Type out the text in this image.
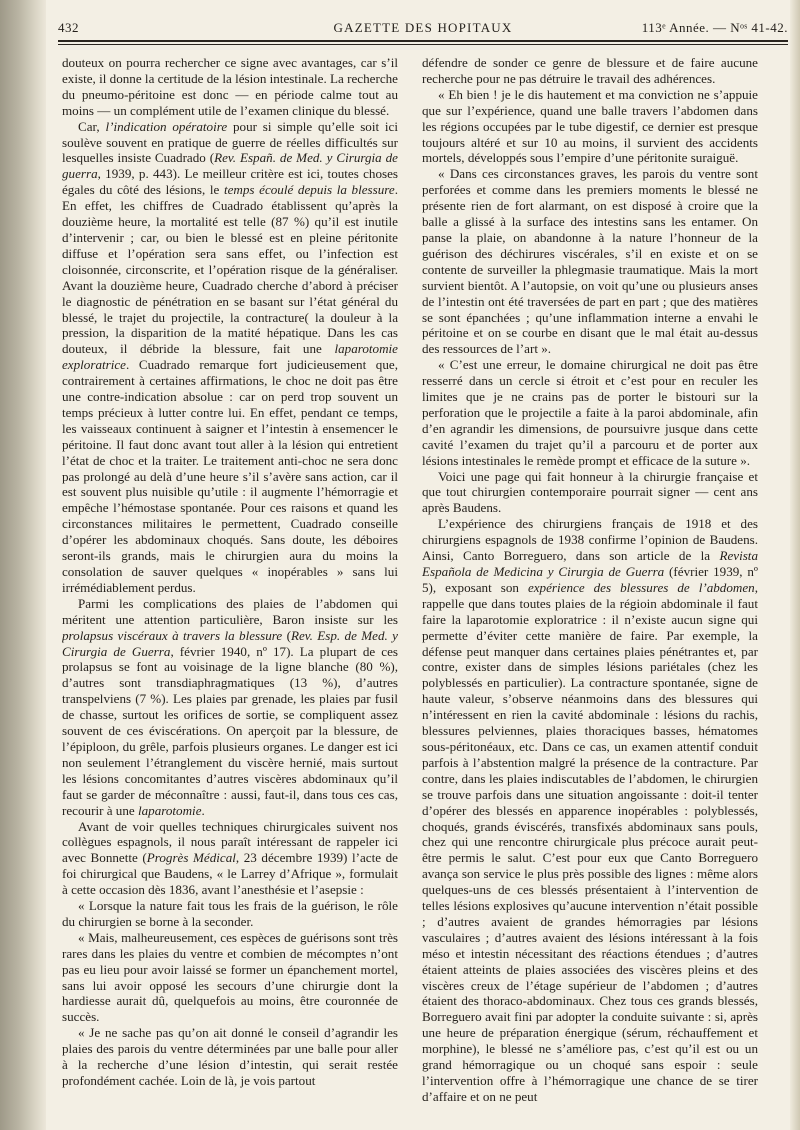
432	GAZETTE DES HOPITAUX	113ᵉ Année. — Nᵒˢ 41-42.

douteux on pourra rechercher ce signe avec avantages, car s’il existe, il donne la certitude de la lésion intestinale. La recherche du pneumo-péritoine est donc — en période calme tout au moins — un complément utile de l’examen clinique du blessé.

Car, l’indication opératoire pour si simple qu’elle soit ici soulève souvent en pratique de guerre de réelles difficultés sur lesquelles insiste Cuadrado (Rev. Españ. de Med. y Cirurgia de guerra, 1939, p. 443). Le meilleur critère est ici, toutes choses égales du côté des lésions, le temps écoulé depuis la blessure. En effet, les chiffres de Cuadrado établissent qu’après la douzième heure, la mortalité est telle (87 %) qu’il est inutile d’intervenir ; car, ou bien le blessé est en pleine péritonite diffuse et l’opération sera sans effet, ou l’infection est cloisonnée, circonscrite, et l’opération risque de la généraliser. Avant la douzième heure, Cuadrado cherche d’abord à préciser le diagnostic de pénétration en se basant sur l’état général du blessé, le trajet du projectile, la contracture( la douleur à la pression, la disparition de la matité hépatique. Dans les cas douteux, il débride la blessure, fait une laparotomie exploratrice. Cuadrado remarque fort judicieusement que, contrairement à certaines affirmations, le choc ne doit pas être une contre-indication absolue : car on perd trop souvent un temps précieux à lutter contre lui. En effet, pendant ce temps, les vaisseaux continuent à saigner et l’intestin à ensemencer le péritoine. Il faut donc avant tout aller à la lésion qui entretient l’état de choc et la traiter. Le traitement anti-choc ne sera donc pas prolongé au delà d’une heure s’il s’avère sans action, car il est souvent plus nuisible qu’utile : il augmente l’hémorragie et empêche l’hémostase spontanée. Pour ces raisons et quand les circonstances militaires le permettent, Cuadrado conseille d’opérer les abdominaux choqués. Sans doute, les déboires seront-ils grands, mais le chirurgien aura du moins la consolation de sauver quelques « inopérables » sans lui irrémédiablement perdus.

Parmi les complications des plaies de l’abdomen qui méritent une attention particulière, Baron insiste sur les prolapsus viscéraux à travers la blessure (Rev. Esp. de Med. y Cirurgia de Guerra, février 1940, nº 17). La plupart de ces prolapsus se font au voisinage de la ligne blanche (80 %), d’autres sont transdiaphragmatiques (13 %), d’autres transpelviens (7 %). Les plaies par grenade, les plaies par fusil de chasse, surtout les orifices de sortie, se compliquent assez souvent de ces éviscérations. On aperçoit par la blessure, de l’épiploon, du grêle, parfois plusieurs organes. Le danger est ici non seulement l’étranglement du viscère hernié, mais surtout les lésions concomitantes d’autres viscères abdominaux qu’il faut se garder de méconnaître : aussi, faut-il, dans tous ces cas, recourir à une laparotomie.

Avant de voir quelles techniques chirurgicales suivent nos collègues espagnols, il nous paraît intéressant de rappeler ici avec Bonnette (Progrès Médical, 23 décembre 1939) l’acte de foi chirurgical que Baudens, « le Larrey d’Afrique », formulait à cette occasion dès 1836, avant l’anesthésie et l’asepsie :

« Lorsque la nature fait tous les frais de la guérison, le rôle du chirurgien se borne à la seconder.

« Mais, malheureusement, ces espèces de guérisons sont très rares dans les plaies du ventre et combien de mécomptes n’ont pas eu lieu pour avoir laissé se former un épanchement mortel, sans lui avoir opposé les secours d’une chirurgie dont la hardiesse aurait dû, quelquefois au moins, être couronnée de succès.

« Je ne sache pas qu’on ait donné le conseil d’agrandir les plaies des parois du ventre déterminées par une balle pour aller à la recherche d’une lésion d’intestin, qui serait restée profondément cachée. Loin de là, je vois partout

défendre de sonder ce genre de blessure et de faire aucune recherche pour ne pas détruire le travail des adhérences.

« Eh bien ! je le dis hautement et ma conviction ne s’appuie que sur l’expérience, quand une balle travers l’abdomen dans les régions occupées par le tube digestif, ce dernier est presque toujours altéré et sur 10 au moins, il survient des accidents mortels, développés sous l’empire d’une péritonite suraiguë.

« Dans ces circonstances graves, les parois du ventre sont perforées et comme dans les premiers moments le blessé ne présente rien de fort alarmant, on est disposé à croire que la balle a glissé à la surface des intestins sans les entamer. On panse la plaie, on abandonne à la nature l’honneur de la guérison des déchirures viscérales, s’il en existe et on se contente de surveiller la phlegmasie traumatique. Mais la mort survient bientôt. A l’autopsie, on voit qu’une ou plusieurs anses de l’intestin ont été traversées de part en part ; que des matières se sont épanchées ; qu’une inflammation interne a envahi le péritoine et on se courbe en disant que le mal était au-dessus des ressources de l’art ».

« C’est une erreur, le domaine chirurgical ne doit pas être resserré dans un cercle si étroit et c’est pour en reculer les limites que je ne crains pas de porter le bistouri sur la perforation que le projectile a faite à la paroi abdominale, afin d’en agrandir les dimensions, de poursuivre jusque dans cette cavité l’examen du trajet qu’il a parcouru et de porter aux lésions intestinales le remède prompt et efficace de la suture ».

Voici une page qui fait honneur à la chirurgie française et que tout chirurgien contemporaire pourrait signer — cent ans après Baudens.

L’expérience des chirurgiens français de 1918 et des chirurgiens espagnols de 1938 confirme l’opinion de Baudens. Ainsi, Canto Borreguero, dans son article de la Revista Española de Medicina y Cirurgia de Guerra (février 1939, nº 5), exposant son expérience des blessures de l’abdomen, rappelle que dans toutes plaies de la régioin abdominale il faut faire la laparotomie exploratrice : il n’existe aucun signe qui permette d’éviter cette manière de faire. Par exemple, la défense peut manquer dans certaines plaies pénétrantes et, par contre, exister dans de simples lésions pariétales (chez les polyblessés en particulier). La contracture spontanée, signe de haute valeur, s’observe néanmoins dans des blessures qui n’intéressent en rien la cavité abdominale : lésions du rachis, blessures pelviennes, plaies thoraciques basses, hématomes sous-péritonéaux, etc. Dans ce cas, un examen attentif conduit parfois à l’abstention malgré la présence de la contracture. Par contre, dans les plaies indiscutables de l’abdomen, le chirurgien se trouve parfois dans une situation angoissante : doit-il tenter d’opérer des blessés en apparence inopérables : polyblessés, choqués, grands éviscérés, transfixés abdominaux sans pouls, chez qui une rencontre chirurgicale plus précoce aurait peut-être permis le salut. C’est pour eux que Canto Borreguero avança son service le plus près possible des lignes : même alors quelques-uns de ces blessés présentaient à l’intervention de telles lésions explosives qu’aucune intervention n’était possible ; d’autres avaient de grandes hémorragies par lésions vasculaires ; d’autres avaient des lésions intéressant à la fois méso et intestin nécessitant des réactions étendues ; d’autres étaient atteints de plaies associées des viscères pleins et des viscères creux de l’étage supérieur de l’abdomen ; d’autres étaient des thoraco-abdominaux. Chez tous ces grands blessés, Borreguero avait fini par adopter la conduite suivante : si, après une heure de préparation énergique (sérum, réchauffement et morphine), le blessé ne s’améliore pas, c’est qu’il est ou un grand hémorragique ou un choqué sans espoir : seule l’intervention offre à l’hémorragique une chance de se tirer d’affaire et on ne peut
